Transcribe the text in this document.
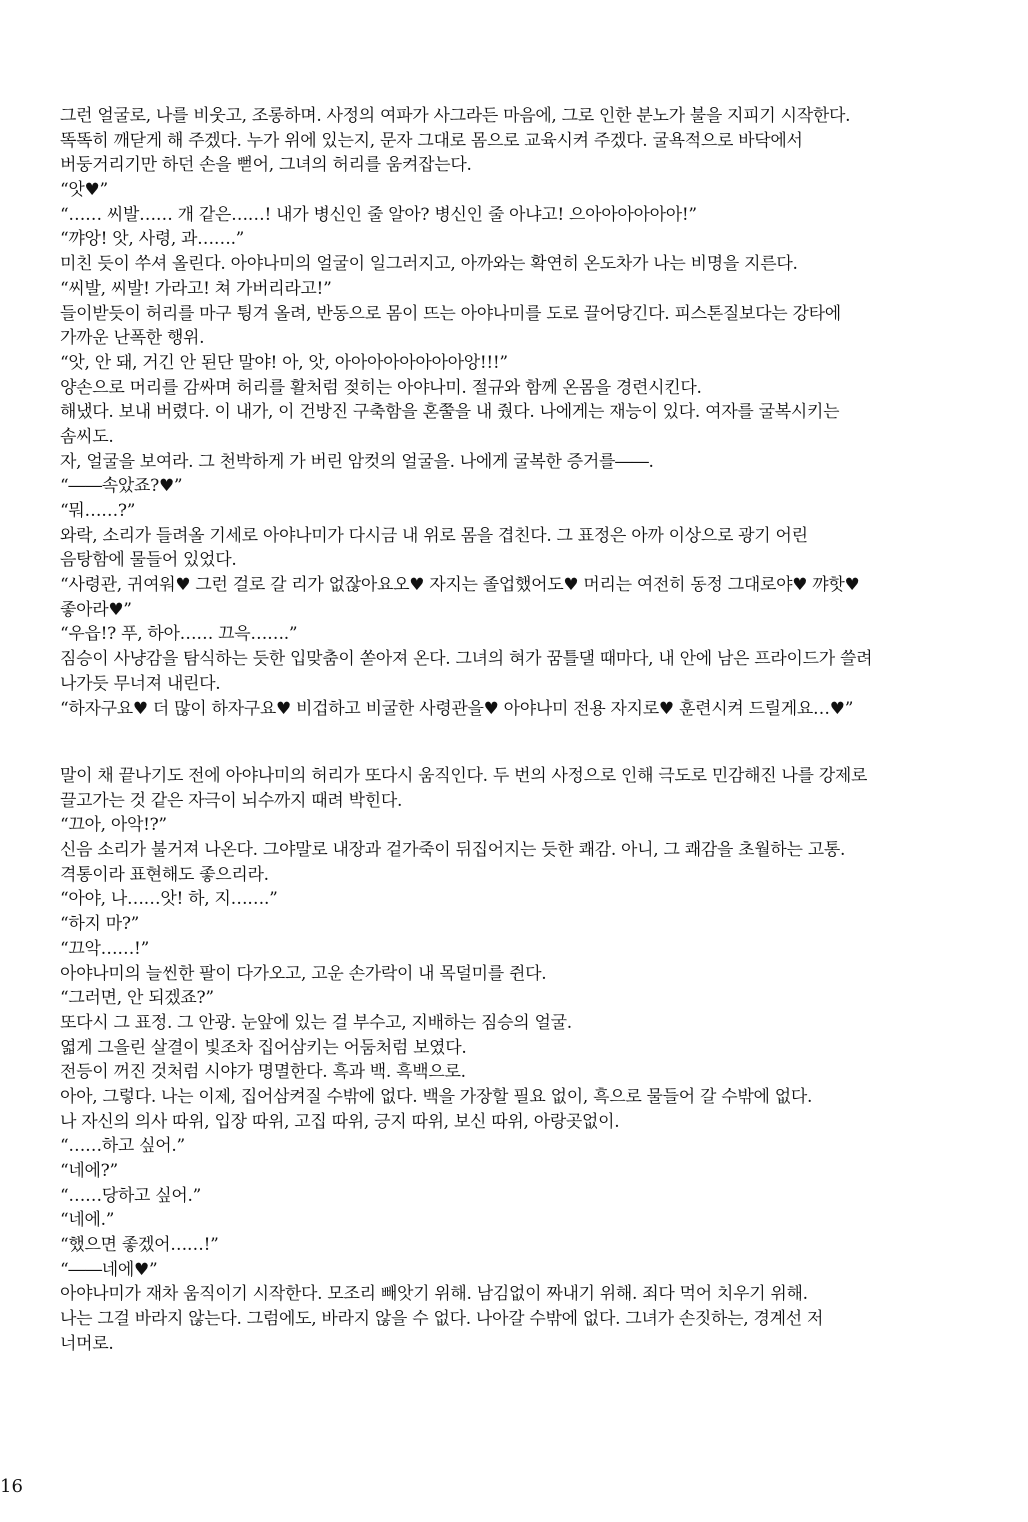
그런 얼굴로, 나를 비웃고, 조롱하며. 사정의 여파가 사그라든 마음에, 그로 인한 분노가 불을 지피기 시작한다.
똑똑히 깨닫게 해 주겠다. 누가 위에 있는지, 문자 그대로 몸으로 교육시켜 주겠다. 굴욕적으로 바닥에서
버둥거리기만 하던 손을 뻗어, 그녀의 허리를 움켜잡는다.
“앗♥”
“…… 씨발…… 개 같은……! 내가 병신인 줄 알아? 병신인 줄 아냐고! 으아아아아아아!”
“꺄앙! 앗, 사령, 과…….”
미친 듯이 쑤셔 올린다. 아야나미의 얼굴이 일그러지고, 아까와는 확연히 온도차가 나는 비명을 지른다.
“씨발, 씨발! 가라고! 쳐 가버리라고!”
들이받듯이 허리를 마구 튕겨 올려, 반동으로 몸이 뜨는 아야나미를 도로 끌어당긴다. 피스톤질보다는 강타에
가까운 난폭한 행위.
“앗, 안 돼, 거긴 안 된단 말야! 아, 앗, 아아아아아아아아앙!!!”
양손으로 머리를 감싸며 허리를 활처럼 젖히는 아야나미. 절규와 함께 온몸을 경련시킨다.
해냈다. 보내 버렸다. 이 내가, 이 건방진 구축함을 혼쭐을 내 줬다. 나에게는 재능이 있다. 여자를 굴복시키는
솜씨도.
자, 얼굴을 보여라. 그 천박하게 가 버린 암컷의 얼굴을. 나에게 굴복한 증거를――.
“――속았죠?♥”
“뭐……?”
와락, 소리가 들려올 기세로 아야나미가 다시금 내 위로 몸을 겹친다. 그 표정은 아까 이상으로 광기 어린
음탕함에 물들어 있었다.
“사령관, 귀여워♥ 그런 걸로 갈 리가 없잖아요오♥ 자지는 졸업했어도♥ 머리는 여전히 동정 그대로야♥ 꺄핫♥
좋아라♥”
“우읍!? 푸, 하아…… 끄윽…….”
짐승이 사냥감을 탐식하는 듯한 입맞춤이 쏟아져 온다. 그녀의 혀가 꿈틀댈 때마다, 내 안에 남은 프라이드가 쓸려
나가듯 무너져 내린다.
“하자구요♥ 더 많이 하자구요♥ 비겁하고 비굴한 사령관을♥ 아야나미 전용 자지로♥ 훈련시켜 드릴게요…♥”
말이 채 끝나기도 전에 아야나미의 허리가 또다시 움직인다. 두 번의 사정으로 인해 극도로 민감해진 나를 강제로
끌고가는 것 같은 자극이 뇌수까지 때려 박힌다.
“끄아, 아악!?”
신음 소리가 불거져 나온다. 그야말로 내장과 겉가죽이 뒤집어지는 듯한 쾌감. 아니, 그 쾌감을 초월하는 고통.
격통이라 표현해도 좋으리라.
“아야, 나……앗! 하, 지…….”
“하지 마?”
“끄악……!”
아야나미의 늘씬한 팔이 다가오고, 고운 손가락이 내 목덜미를 쥔다.
“그러면, 안 되겠죠?”
또다시 그 표정. 그 안광. 눈앞에 있는 걸 부수고, 지배하는 짐승의 얼굴.
엷게 그을린 살결이 빛조차 집어삼키는 어둠처럼 보였다.
전등이 꺼진 것처럼 시야가 명멸한다. 흑과 백. 흑백으로.
아아, 그렇다. 나는 이제, 집어삼켜질 수밖에 없다. 백을 가장할 필요 없이, 흑으로 물들어 갈 수밖에 없다.
나 자신의 의사 따위, 입장 따위, 고집 따위, 긍지 따위, 보신 따위, 아랑곳없이.
“……하고 싶어.”
“네에?”
“……당하고 싶어.”
“네에.”
“했으면 좋겠어……!”
“――네에♥”
아야나미가 재차 움직이기 시작한다. 모조리 빼앗기 위해. 남김없이 짜내기 위해. 죄다 먹어 치우기 위해.
나는 그걸 바라지 않는다. 그럼에도, 바라지 않을 수 없다. 나아갈 수밖에 없다. 그녀가 손짓하는, 경계선 저
너머로.
16
